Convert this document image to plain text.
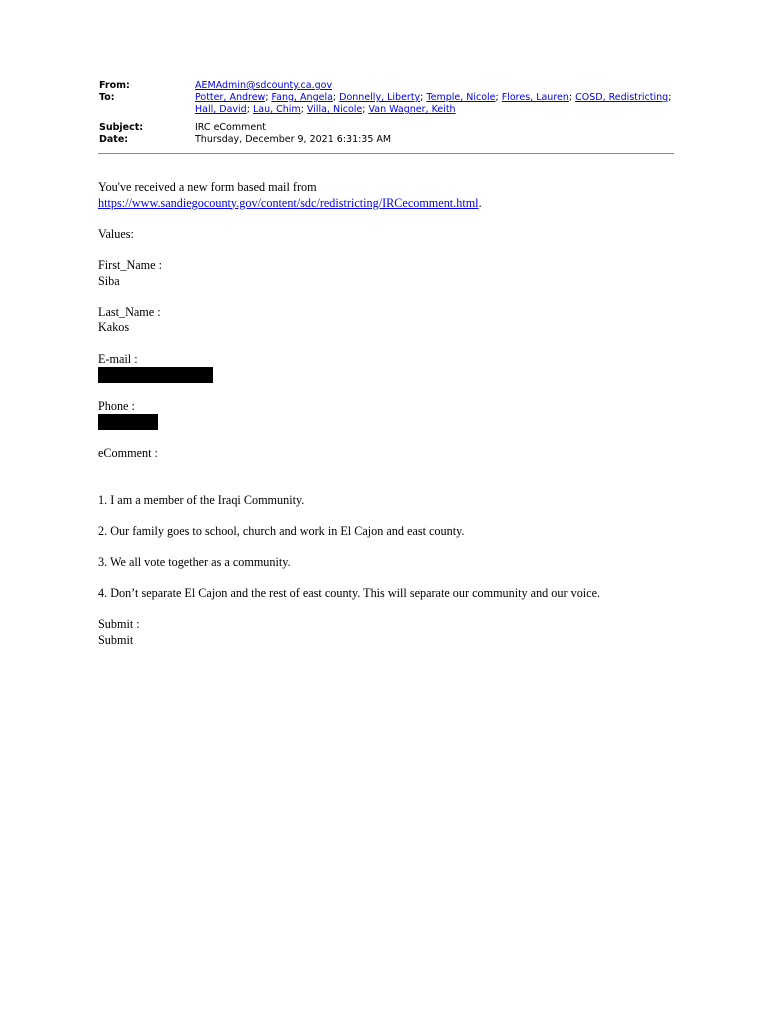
From:	AEMAdmin@sdcounty.ca.gov
To:	Potter, Andrew; Fang, Angela; Donnelly, Liberty; Temple, Nicole; Flores, Lauren; COSD, Redistricting; Hall, David; Lau, Chim; Villa, Nicole; Van Wagner, Keith
Subject:	IRC eComment
Date:	Thursday, December 9, 2021 6:31:35 AM

You've received a new form based mail from
https://www.sandiegocounty.gov/content/sdc/redistricting/IRCecomment.html.

Values:

First_Name :
Siba

Last_Name :
Kakos

E-mail :

Phone :

eComment :

1. I am a member of the Iraqi Community.

2. Our family goes to school, church and work in El Cajon and east county.

3. We all vote together as a community.

4. Don’t separate El Cajon and the rest of east county. This will separate our community and our voice.

Submit :
Submit
